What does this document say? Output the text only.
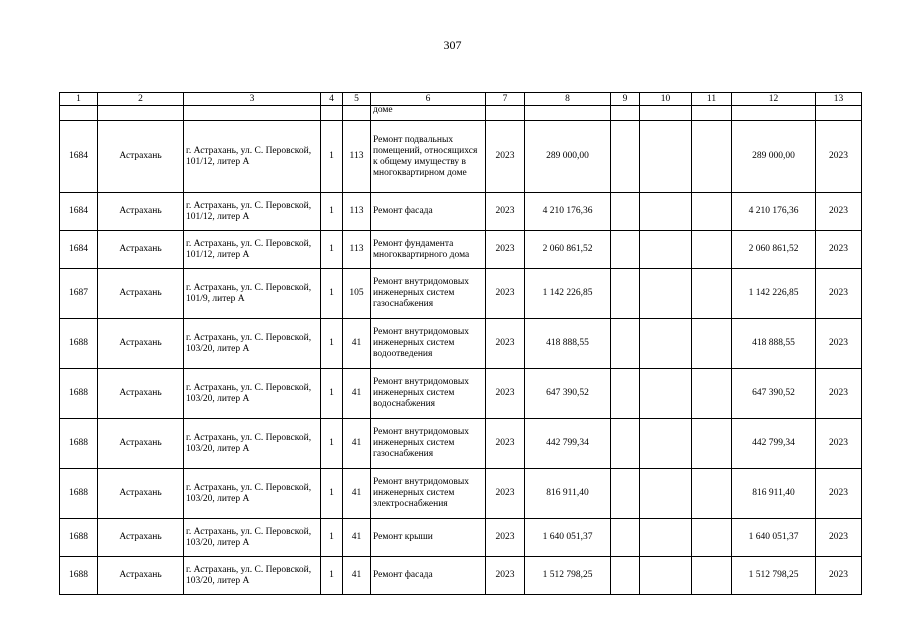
307
1	2	3	4	5	6	7	8	9	10	11	12	13
					доме							
1684	Астрахань	г. Астрахань, ул. С. Перовской, 101/12, литер А	1	113	Ремонт подвальных помещений, относящихся к общему имуществу в многоквартирном доме	2023	289 000,00				289 000,00	2023
1684	Астрахань	г. Астрахань, ул. С. Перовской, 101/12, литер А	1	113	Ремонт фасада	2023	4 210 176,36				4 210 176,36	2023
1684	Астрахань	г. Астрахань, ул. С. Перовской, 101/12, литер А	1	113	Ремонт фундамента многоквартирного дома	2023	2 060 861,52				2 060 861,52	2023
1687	Астрахань	г. Астрахань, ул. С. Перовской, 101/9, литер А	1	105	Ремонт внутридомовых инженерных систем газоснабжения	2023	1 142 226,85				1 142 226,85	2023
1688	Астрахань	г. Астрахань, ул. С. Перовской, 103/20, литер А	1	41	Ремонт внутридомовых инженерных систем водоотведения	2023	418 888,55				418 888,55	2023
1688	Астрахань	г. Астрахань, ул. С. Перовской, 103/20, литер А	1	41	Ремонт внутридомовых инженерных систем водоснабжения	2023	647 390,52				647 390,52	2023
1688	Астрахань	г. Астрахань, ул. С. Перовской, 103/20, литер А	1	41	Ремонт внутридомовых инженерных систем газоснабжения	2023	442 799,34				442 799,34	2023
1688	Астрахань	г. Астрахань, ул. С. Перовской, 103/20, литер А	1	41	Ремонт внутридомовых инженерных систем электроснабжения	2023	816 911,40				816 911,40	2023
1688	Астрахань	г. Астрахань, ул. С. Перовской, 103/20, литер А	1	41	Ремонт крыши	2023	1 640 051,37				1 640 051,37	2023
1688	Астрахань	г. Астрахань, ул. С. Перовской, 103/20, литер А	1	41	Ремонт фасада	2023	1 512 798,25				1 512 798,25	2023
